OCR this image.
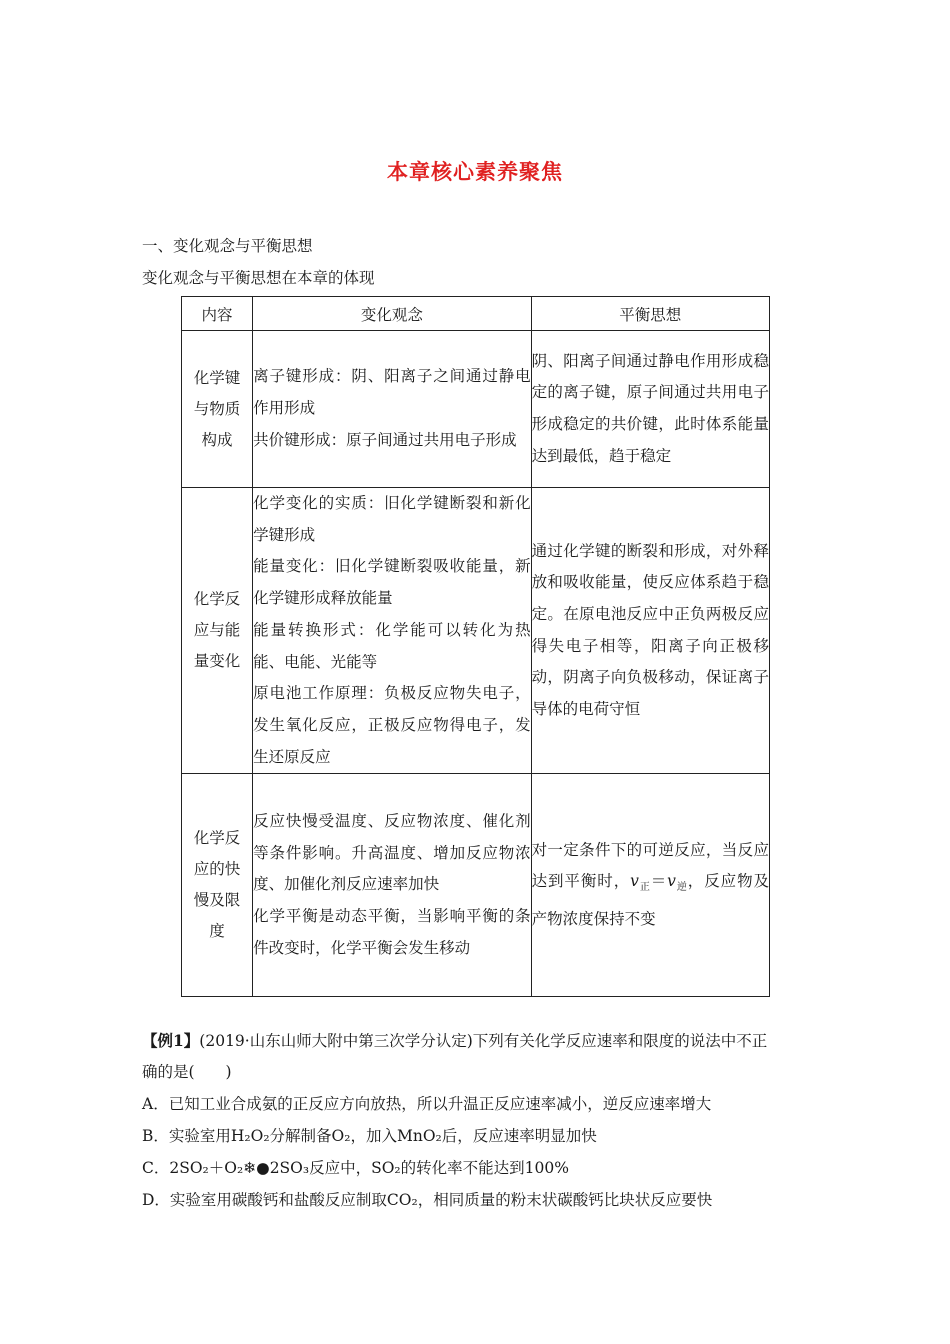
本章核心素养聚焦
一、变化观念与平衡思想
变化观念与平衡思想在本章的体现
内容	变化观念	平衡思想

化学键与物质构成	离子键形成：阴、阳离子之间通过静电作用形成
共价键形成：原子间通过共用电子形成	阴、阳离子间通过静电作用形成稳定的离子键，原子间通过共用电子形成稳定的共价键，此时体系能量达到最低，趋于稳定

化学反应与能量变化	化学变化的实质：旧化学键断裂和新化学键形成
能量变化：旧化学键断裂吸收能量，新化学键形成释放能量
能量转换形式：化学能可以转化为热能、电能、光能等
原电池工作原理：负极反应物失电子，发生氧化反应，正极反应物得电子，发生还原反应	通过化学键的断裂和形成，对外释放和吸收能量，使反应体系趋于稳定。在原电池反应中正负两极反应得失电子相等，阳离子向正极移动，阴离子向负极移动，保证离子导体的电荷守恒

化学反应的快慢及限度	反应快慢受温度、反应物浓度、催化剂等条件影响。升高温度、增加反应物浓度、加催化剂反应速率加快
化学平衡是动态平衡，当影响平衡的条件改变时，化学平衡会发生移动	对一定条件下的可逆反应，当反应达到平衡时，$v_正=v_逆$，反应物及产物浓度保持不变
【例1】(2019·山东山师大附中第三次学分认定)下列有关化学反应速率和限度的说法中不正
确的是(　　)
A．已知工业合成氨的正反应方向放热，所以升温正反应速率减小，逆反应速率增大
B．实验室用H₂O₂分解制备O₂，加入MnO₂后，反应速率明显加快
C．2SO₂＋O₂❄●2SO₃反应中，SO₂的转化率不能达到100%
D．实验室用碳酸钙和盐酸反应制取CO₂，相同质量的粉末状碳酸钙比块状反应要快
